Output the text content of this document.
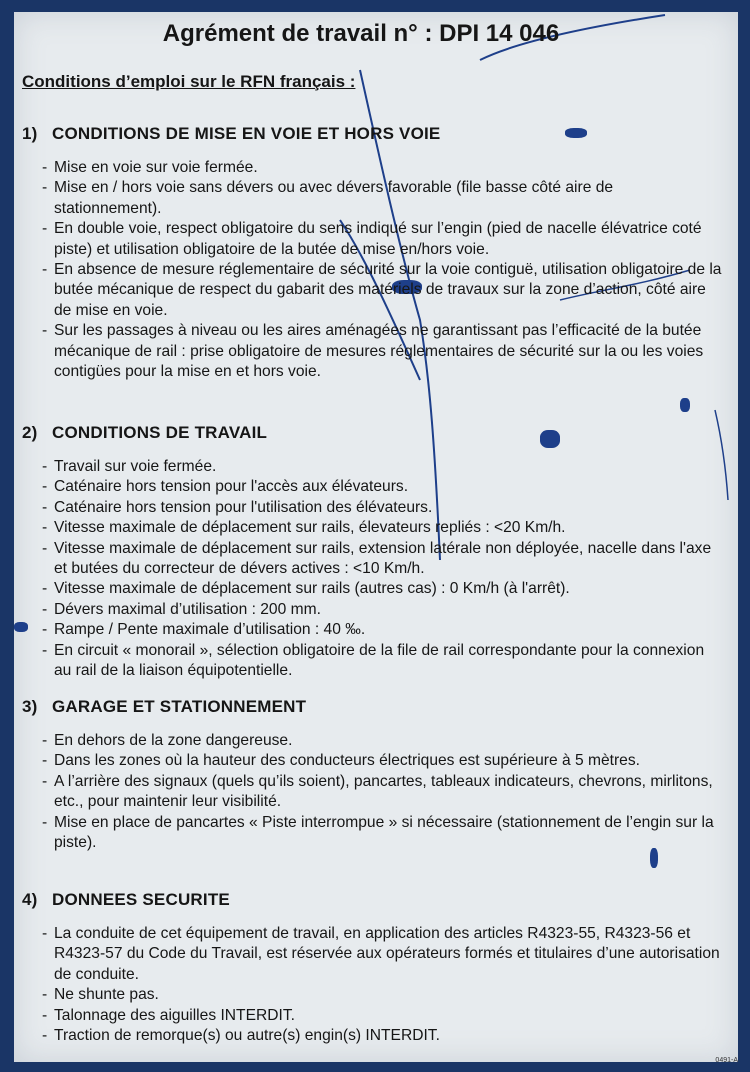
Agrément de travail n° : DPI 14 046
Conditions d’emploi sur le RFN français :
1) CONDITIONS DE MISE EN VOIE ET HORS VOIE
- Mise en voie sur voie fermée.
- Mise en / hors voie sans dévers ou avec dévers favorable (file basse côté aire de stationnement).
- En double voie, respect obligatoire du sens indiqué sur l’engin (pied de nacelle élévatrice coté piste) et utilisation obligatoire de la butée de mise en/hors voie.
- En absence de mesure réglementaire de sécurité sur la voie contiguë, utilisation obligatoire de la butée mécanique de respect du gabarit des matériels de travaux sur la zone d’action, côté aire de mise en voie.
- Sur les passages à niveau ou les aires aménagées ne garantissant pas l’efficacité de la butée mécanique de rail : prise obligatoire de mesures réglementaires de sécurité sur la ou les voies contigües pour la mise en et hors voie.
2) CONDITIONS DE TRAVAIL
- Travail sur voie fermée.
- Caténaire hors tension pour l'accès aux élévateurs.
- Caténaire hors tension pour l'utilisation des élévateurs.
- Vitesse maximale de déplacement sur rails, élevateurs repliés : <20 Km/h.
- Vitesse maximale de déplacement sur rails, extension latérale non déployée, nacelle dans l'axe et butées du correcteur de dévers actives : <10 Km/h.
- Vitesse maximale de déplacement sur rails (autres cas) : 0 Km/h (à l'arrêt).
- Dévers maximal d’utilisation : 200 mm.
- Rampe / Pente maximale d’utilisation : 40 ‰.
- En circuit « monorail », sélection obligatoire de la file de rail correspondante pour la connexion au rail de la liaison équipotentielle.
3) GARAGE ET STATIONNEMENT
- En dehors de la zone dangereuse.
- Dans les zones où la hauteur des conducteurs électriques est supérieure à 5 mètres.
- A l’arrière des signaux (quels qu’ils soient), pancartes, tableaux indicateurs, chevrons, mirlitons, etc., pour maintenir leur visibilité.
- Mise en place de pancartes « Piste interrompue » si nécessaire (stationnement de l’engin sur la piste).
4) DONNEES SECURITE
- La conduite de cet équipement de travail, en application des articles R4323-55, R4323-56 et R4323-57 du Code du Travail, est réservée aux opérateurs formés et titulaires d’une autorisation de conduite.
- Ne shunte pas.
- Talonnage des aiguilles INTERDIT.
- Traction de remorque(s) ou autre(s) engin(s) INTERDIT.
0491-A
